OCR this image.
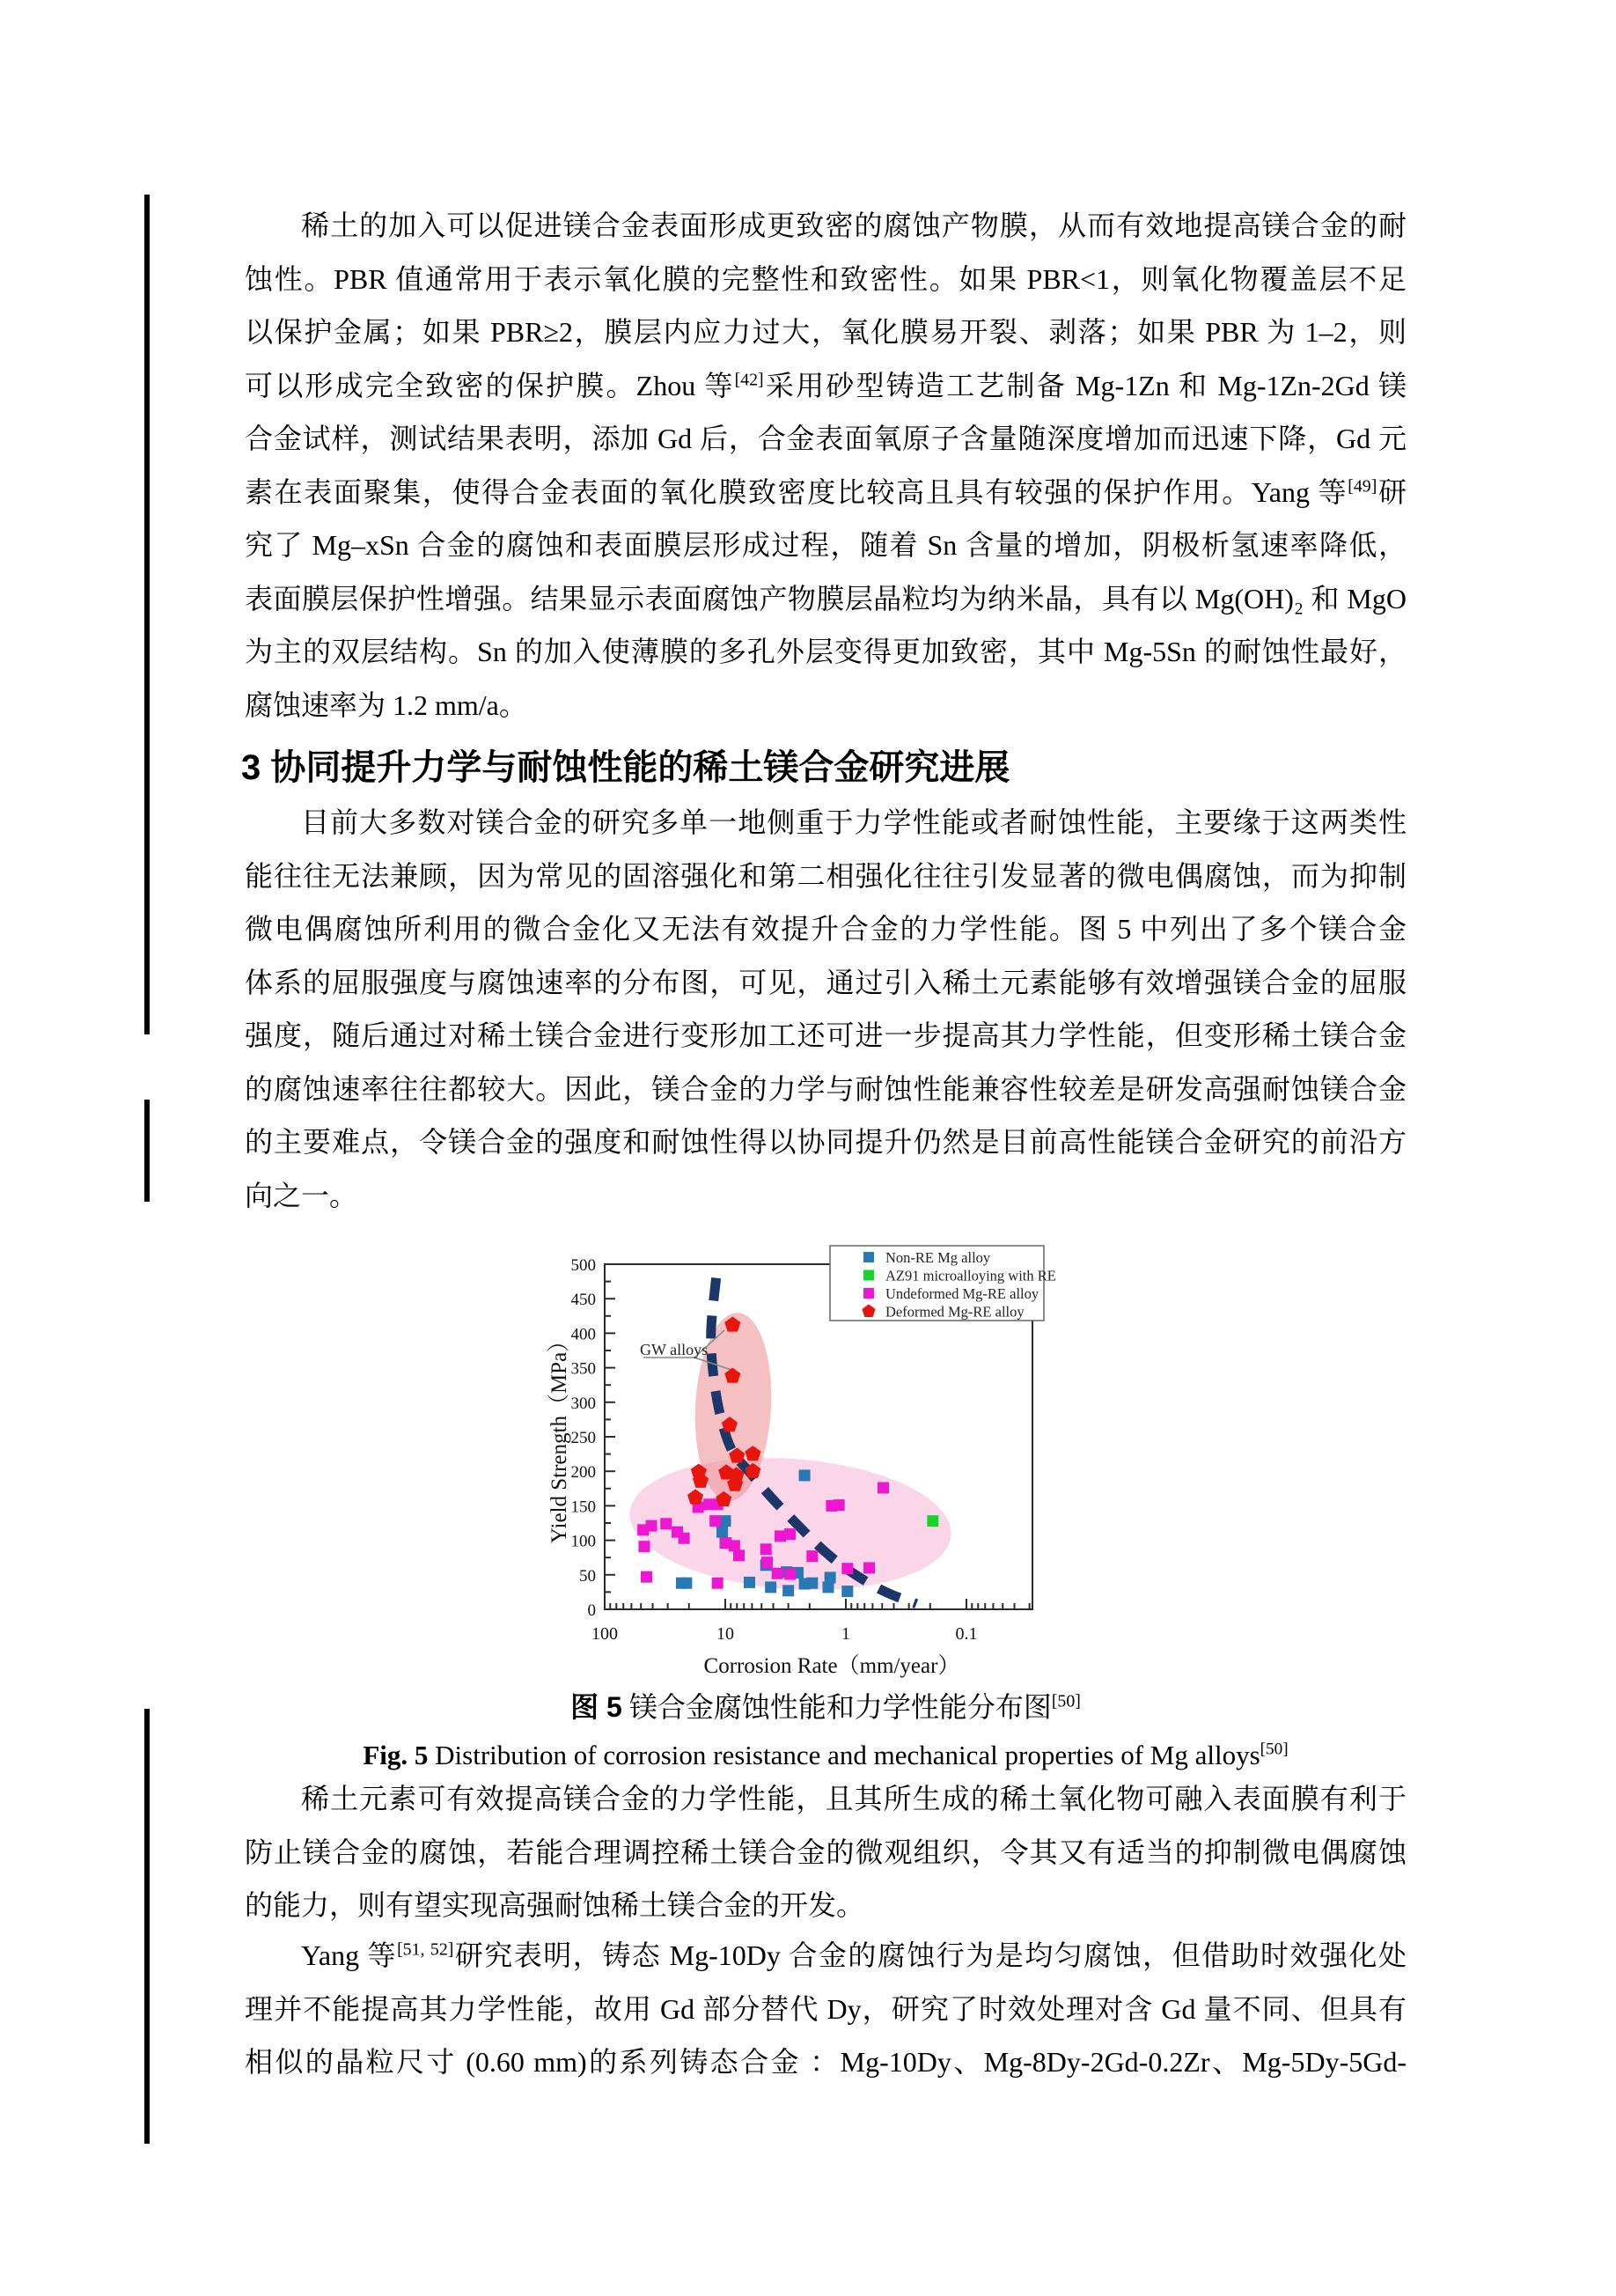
稀土的加入可以促进镁合金表面形成更致密的腐蚀产物膜，从而有效地提高镁合金的耐
蚀性。PBR 值通常用于表示氧化膜的完整性和致密性。如果 PBR<1，则氧化物覆盖层不足
以保护金属；如果 PBR≥2，膜层内应力过大，氧化膜易开裂、剥落；如果 PBR 为 1–2，则
可以形成完全致密的保护膜。Zhou 等[42]采用砂型铸造工艺制备 Mg-1Zn 和 Mg-1Zn-2Gd 镁
合金试样，测试结果表明，添加 Gd 后，合金表面氧原子含量随深度增加而迅速下降，Gd 元
素在表面聚集，使得合金表面的氧化膜致密度比较高且具有较强的保护作用。Yang 等[49]研
究了 Mg–xSn 合金的腐蚀和表面膜层形成过程，随着 Sn 含量的增加，阴极析氢速率降低，
表面膜层保护性增强。结果显示表面腐蚀产物膜层晶粒均为纳米晶，具有以 Mg(OH)₂ 和 MgO
为主的双层结构。Sn 的加入使薄膜的多孔外层变得更加致密，其中 Mg-5Sn 的耐蚀性最好，
腐蚀速率为 1.2 mm/a。
3 协同提升力学与耐蚀性能的稀土镁合金研究进展
目前大多数对镁合金的研究多单一地侧重于力学性能或者耐蚀性能，主要缘于这两类性
能往往无法兼顾，因为常见的固溶强化和第二相强化往往引发显著的微电偶腐蚀，而为抑制
微电偶腐蚀所利用的微合金化又无法有效提升合金的力学性能。图 5 中列出了多个镁合金
体系的屈服强度与腐蚀速率的分布图，可见，通过引入稀土元素能够有效增强镁合金的屈服
强度，随后通过对稀土镁合金进行变形加工还可进一步提高其力学性能，但变形稀土镁合金
的腐蚀速率往往都较大。因此，镁合金的力学与耐蚀性能兼容性较差是研发高强耐蚀镁合金
的主要难点，令镁合金的强度和耐蚀性得以协同提升仍然是目前高性能镁合金研究的前沿方
向之一。
0
50
100
150
200
250
300
350
400
450
500
100	10	1	0.1
Corrosion Rate（mm/year）
Yield Strength（MPa）	GW alloys
Non-RE Mg alloy
AZ91 microalloying with RE
Undeformed Mg-RE alloy
Deformed Mg-RE alloy
图 5 镁合金腐蚀性能和力学性能分布图[50]
Fig. 5 Distribution of corrosion resistance and mechanical properties of Mg alloys[50]
稀土元素可有效提高镁合金的力学性能，且其所生成的稀土氧化物可融入表面膜有利于
防止镁合金的腐蚀，若能合理调控稀土镁合金的微观组织，令其又有适当的抑制微电偶腐蚀
的能力，则有望实现高强耐蚀稀土镁合金的开发。
Yang 等[51, 52]研究表明，铸态 Mg-10Dy 合金的腐蚀行为是均匀腐蚀，但借助时效强化处
理并不能提高其力学性能，故用 Gd 部分替代 Dy，研究了时效处理对含 Gd 量不同、但具有
相似的晶粒尺寸 (0.60 mm)的系列铸态合金 ：Mg-10Dy、Mg-8Dy-2Gd-0.2Zr、Mg-5Dy-5Gd-
